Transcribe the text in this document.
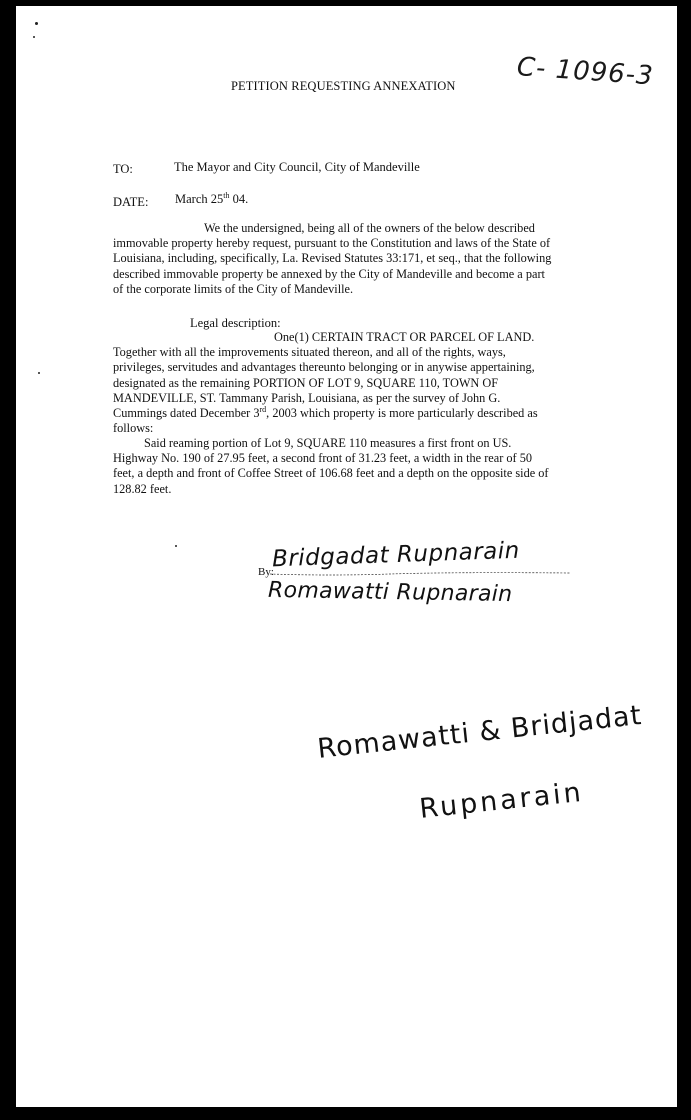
PETITION REQUESTING ANNEXATION C- 1096-3
TO:	The Mayor and City Council, City of Mandeville
DATE: March 25th 04.
We the undersigned, being all of the owners of the below described
immovable property hereby request, pursuant to the Constitution and laws of the State of
Louisiana, including, specifically, La. Revised Statutes 33:171, et seq., that the following
described immovable property be annexed by the City of Mandeville and become a part
of the corporate limits of the City of Mandeville.
Legal description:
One(1) CERTAIN TRACT OR PARCEL OF LAND.
Together with all the improvements situated thereon, and all of the rights, ways,
privileges, servitudes and advantages thereunto belonging or in anywise appertaining,
designated as the remaining PORTION OF LOT 9, SQUARE 110, TOWN OF
MANDEVILLE, ST. Tammany Parish, Louisiana, as per the survey of John G.
Cummings dated December 3rd, 2003 which property is more particularly described as
follows:
Said reaming portion of Lot 9, SQUARE 110 measures a first front on US.
Highway No. 190 of 27.95 feet, a second front of 31.23 feet, a width in the rear of 50
feet, a depth and front of Coffee Street of 106.68 feet and a depth on the opposite side of
128.82 feet.
By:
Bridgadat Rupnarain
Romawatti Rupnarain
Romawatti & Bridjadat
Rupnarain
